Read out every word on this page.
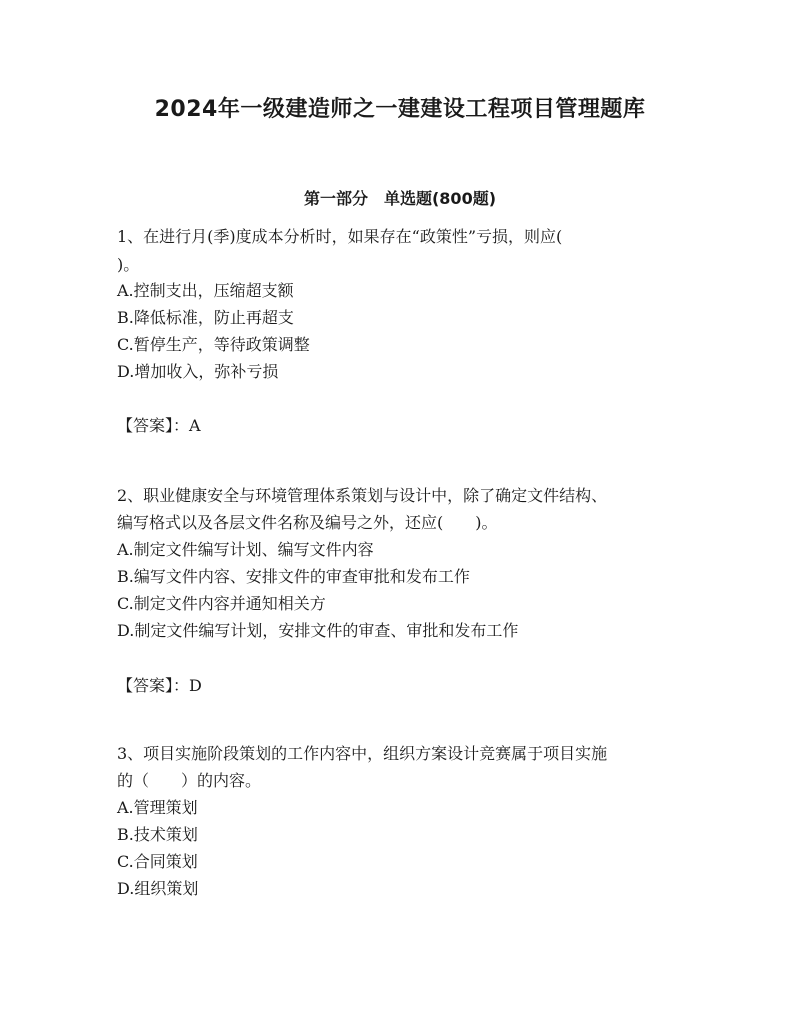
2024年一级建造师之一建建设工程项目管理题库
第一部分　单选题(800题)
1、在进行月(季)度成本分析时，如果存在“政策性”亏损，则应(
)。
A.控制支出，压缩超支额
B.降低标准，防止再超支
C.暂停生产，等待政策调整
D.增加收入，弥补亏损
【答案】：A
2、职业健康安全与环境管理体系策划与设计中，除了确定文件结构、
编写格式以及各层文件名称及编号之外，还应(　　)。
A.制定文件编写计划、编写文件内容
B.编写文件内容、安排文件的审查审批和发布工作
C.制定文件内容并通知相关方
D.制定文件编写计划，安排文件的审查、审批和发布工作
【答案】：D
3、项目实施阶段策划的工作内容中，组织方案设计竞赛属于项目实施
的（　　）的内容。
A.管理策划
B.技术策划
C.合同策划
D.组织策划
